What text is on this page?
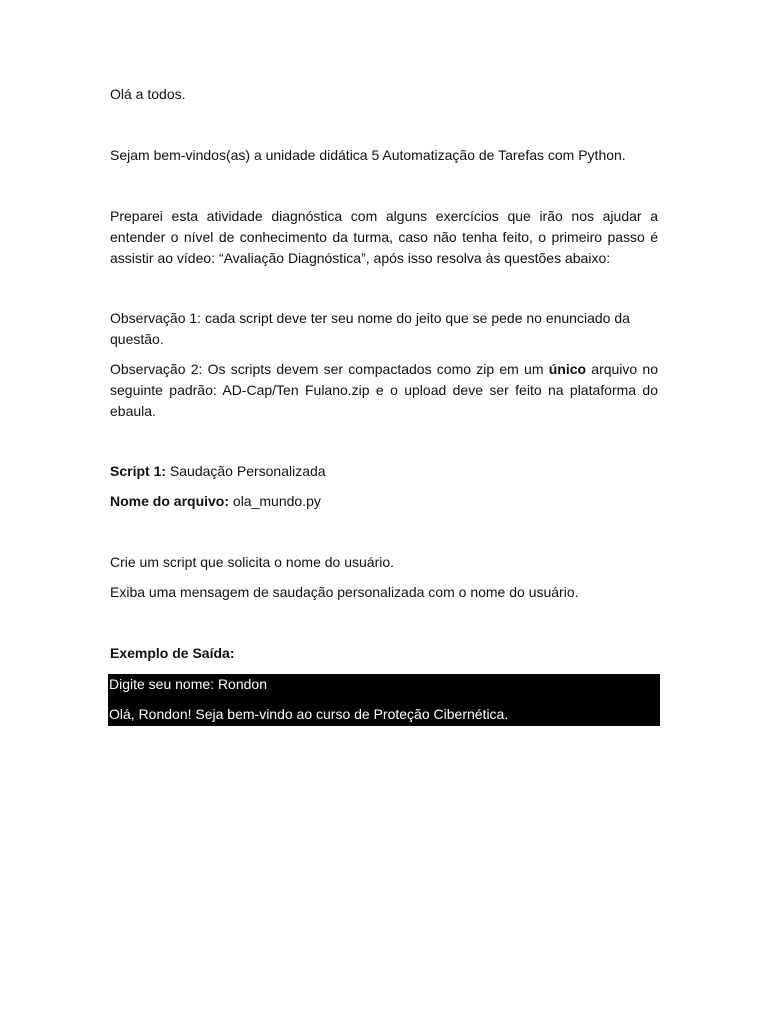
Olá a todos.
Sejam bem-vindos(as) a unidade didática 5 Automatização de Tarefas com Python.
Preparei esta atividade diagnóstica com alguns exercícios que irão nos ajudar a entender o nível de conhecimento da turma, caso não tenha feito, o primeiro passo é assistir ao vídeo: “Avaliação Diagnóstica”, após isso resolva às questões abaixo:
Observação 1: cada script deve ter seu nome do jeito que se pede no enunciado da questão.
Observação 2: Os scripts devem ser compactados como zip em um único arquivo no seguinte padrão: AD-Cap/Ten Fulano.zip e o upload deve ser feito na plataforma do ebaula.
Script 1: Saudação Personalizada
Nome do arquivo: ola_mundo.py
Crie um script que solicita o nome do usuário.
Exiba uma mensagem de saudação personalizada com o nome do usuário.
Exemplo de Saída:
Digite seu nome: Rondon
Olá, Rondon! Seja bem-vindo ao curso de Proteção Cibernética.
